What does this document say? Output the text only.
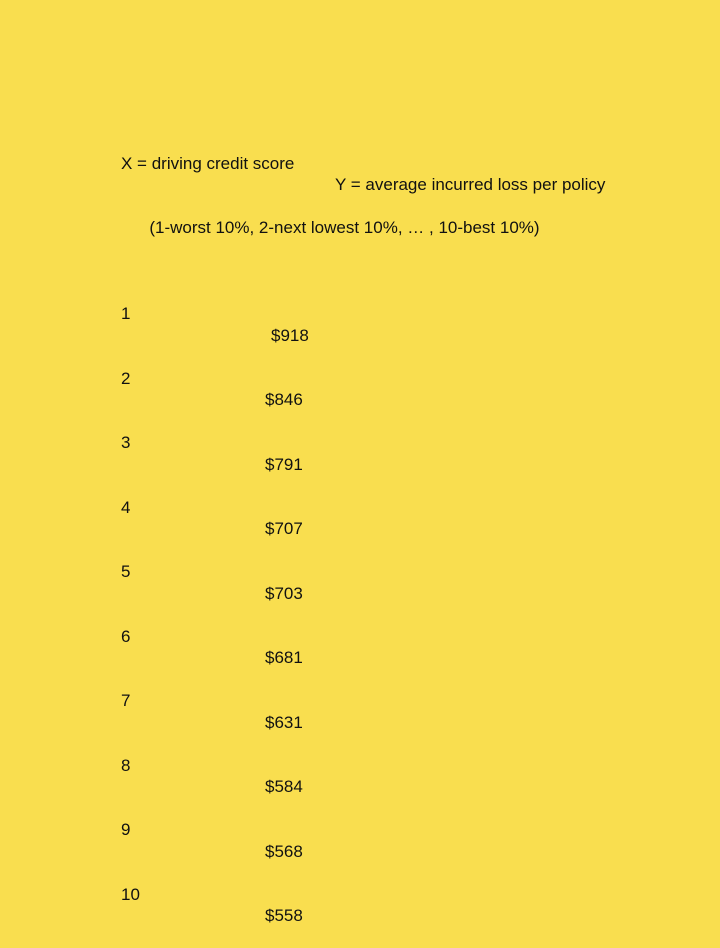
X = driving credit score

Y = average incurred loss per policy

(1-worst 10%, 2-next lowest 10%, … , 10-best 10%)

1

$918

2

$846

3

$791

4

$707

5

$703

6

$681

7

$631

8

$584

9

$568

10

$558
